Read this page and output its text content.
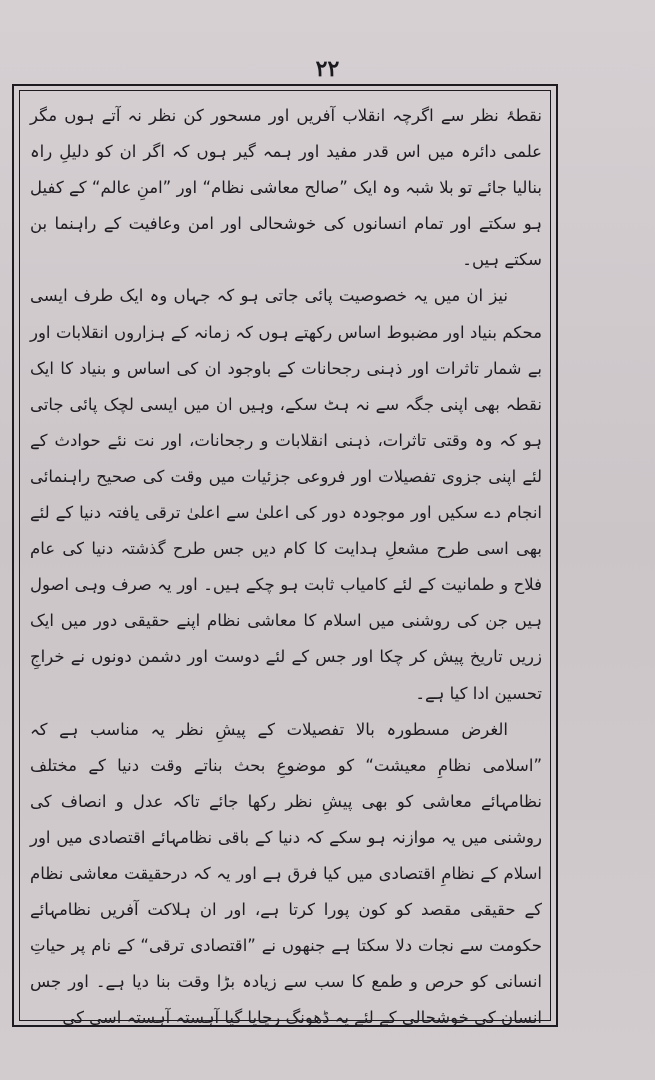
۲۲

نقطۂ نظر سے اگرچہ انقلاب آفریں اور مسحور کن نظر نہ آتے ہوں مگر علمی دائرہ میں اس قدر مفید اور ہمہ گیر ہوں کہ اگر ان کو دلیلِ راہ بنالیا جائے تو بلا شبہ وہ ایک ”صالح معاشی نظام“ اور ”امنِ عالم“ کے کفیل ہو سکتے اور تمام انسانوں کی خوشحالی اور امن وعافیت کے راہنما بن سکتے ہیں۔

نیز ان میں یہ خصوصیت پائی جاتی ہو کہ جہاں وہ ایک طرف ایسی محکم بنیاد اور مضبوط اساس رکھتے ہوں کہ زمانہ کے ہزاروں انقلابات اور بے شمار تاثرات اور ذہنی رجحانات کے باوجود ان کی اساس و بنیاد کا ایک نقطہ بھی اپنی جگہ سے نہ ہٹ سکے، وہیں ان میں ایسی لچک پائی جاتی ہو کہ وہ وقتی تاثرات، ذہنی انقلابات و رجحانات، اور نت نئے حوادث کے لئے اپنی جزوی تفصیلات اور فروعی جزئیات میں وقت کی صحیح راہنمائی انجام دے سکیں اور موجودہ دور کی اعلیٰ سے اعلیٰ ترقی یافتہ دنیا کے لئے بھی اسی طرح مشعلِ ہدایت کا کام دیں جس طرح گذشتہ دنیا کی عام فلاح و طمانیت کے لئے کامیاب ثابت ہو چکے ہیں۔ اور یہ صرف وہی اصول ہیں جن کی روشنی میں اسلام کا معاشی نظام اپنے حقیقی دور میں ایک زریں تاریخ پیش کر چکا اور جس کے لئے دوست اور دشمن دونوں نے خراجِ تحسین ادا کیا ہے۔

الغرض مسطورہ بالا تفصیلات کے پیشِ نظر یہ مناسب ہے کہ ”اسلامی نظامِ معیشت“ کو موضوعِ بحث بناتے وقت دنیا کے مختلف نظامہائے معاشی کو بھی پیشِ نظر رکھا جائے تاکہ عدل و انصاف کی روشنی میں یہ موازنہ ہو سکے کہ دنیا کے باقی نظامہائے اقتصادی میں اور اسلام کے نظامِ اقتصادی میں کیا فرق ہے اور یہ کہ درحقیقت معاشی نظام کے حقیقی مقصد کو کون پورا کرتا ہے، اور ان ہلاکت آفریں نظامہائے حکومت سے نجات دلا سکتا ہے جنھوں نے ”اقتصادی ترقی“ کے نام پر حیاتِ انسانی کو حرص و طمع کا سب سے زیادہ بڑا وقت بنا دیا ہے۔ اور جس انسان کی خوشحالی کے لئے یہ ڈھونگ رچایا گیا آہستہ آہستہ اسی کی
